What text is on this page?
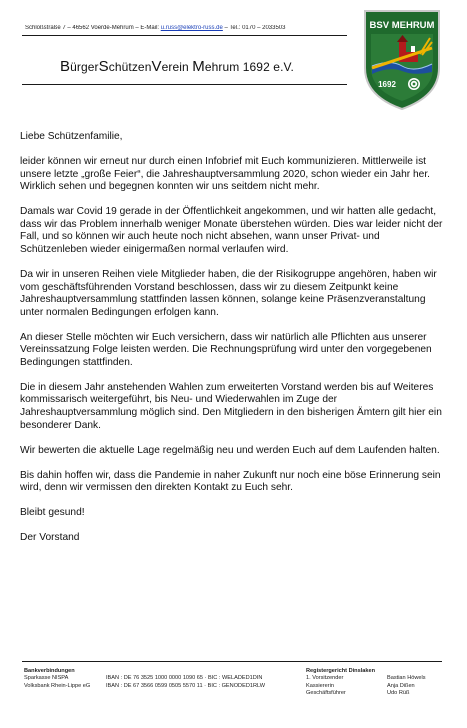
Schloßstraße 7 – 46562 Voerde-Mehrum – E-Mail: u.russ@elektro-russ.de – Tel.: 0170 – 2033503
BürgerSchützenVerein Mehrum 1692 e.V.
BSV MEHRUM
1692

Liebe Schützenfamilie,

leider können wir erneut nur durch einen Infobrief mit Euch kommunizieren. Mittlerweile ist unsere letzte „große Feier“, die Jahreshauptversammlung 2020, schon wieder ein Jahr her. Wirklich sehen und begegnen konnten wir uns seitdem nicht mehr.

Damals war Covid 19 gerade in der Öffentlichkeit angekommen, und wir hatten alle gedacht, dass wir das Problem innerhalb weniger Monate überstehen würden. Dies war leider nicht der Fall, und so können wir auch heute noch nicht absehen, wann unser Privat- und Schützenleben wieder einigermaßen normal verlaufen wird.

Da wir in unseren Reihen viele Mitglieder haben, die der Risikogruppe angehören, haben wir vom geschäftsführenden Vorstand beschlossen, dass wir zu diesem Zeitpunkt keine Jahreshauptversammlung stattfinden lassen können, solange keine Präsenzveranstaltung unter normalen Bedingungen erfolgen kann.

An dieser Stelle möchten wir Euch versichern, dass wir natürlich alle Pflichten aus unserer Vereinssatzung Folge leisten werden. Die Rechnungsprüfung wird unter den vorgegebenen Bedingungen stattfinden.

Die in diesem Jahr anstehenden Wahlen zum erweiterten Vorstand werden bis auf Weiteres kommissarisch weitergeführt, bis Neu- und Wiederwahlen im Zuge der Jahreshauptversammlung möglich sind. Den Mitgliedern in den bisherigen Ämtern gilt hier ein besonderer Dank.

Wir bewerten die aktuelle Lage regelmäßig neu und werden Euch auf dem Laufenden halten.

Bis dahin hoffen wir, dass die Pandemie in naher Zukunft nur noch eine böse Erinnerung sein wird, denn wir vermissen den direkten Kontakt zu Euch sehr.

Bleibt gesund!

Der Vorstand

Bankverbindungen
Sparkasse NISPA
Volksbank Rhein-Lippe eG

IBAN : DE 76 3525 1000 0000 1090 65 · BIC : WELADED1DIN
IBAN : DE 67 3566 0599 0505 5570 11 · BIC : GENODED1RLW
Registergericht Dinslaken
1. Vorsitzender
Kassiererin
Geschäftsführer

Bastian Höwels
Anja Dißen
Udo Rüß
